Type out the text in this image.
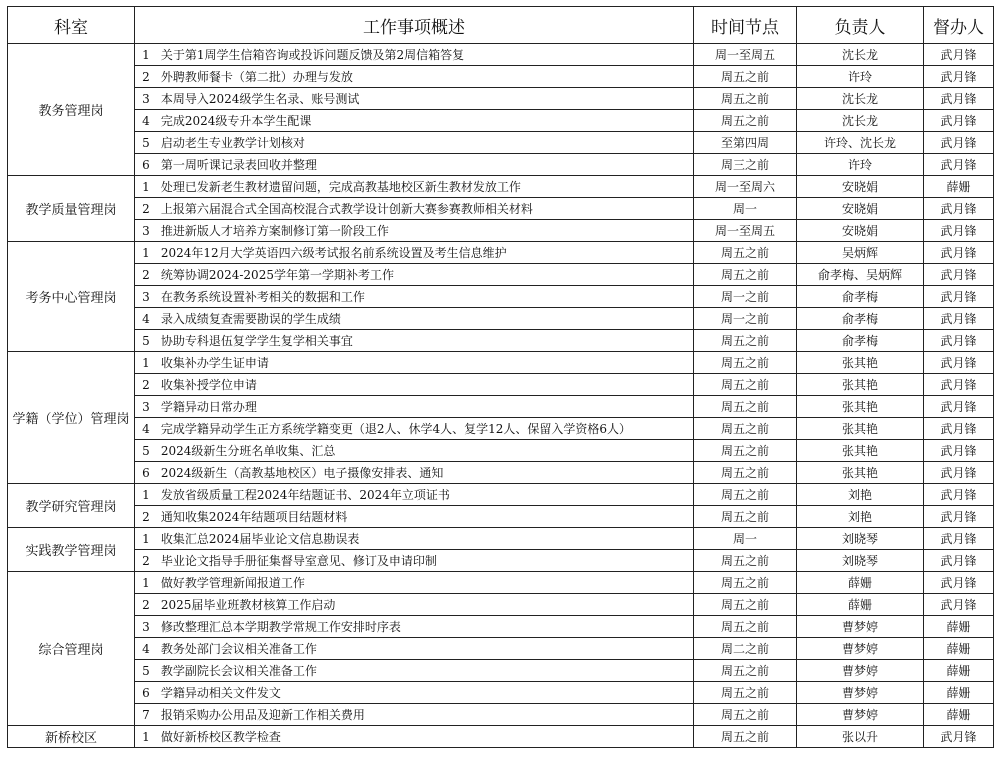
科室	工作事项概述	时间节点	负责人	督办人
教务管理岗	1 关于第1周学生信箱咨询或投诉问题反馈及第2周信箱答复	周一至周五	沈长龙	武月锋
	2 外聘教师餐卡（第二批）办理与发放	周五之前	许玲	武月锋
	3 本周导入2024级学生名录、账号测试	周五之前	沈长龙	武月锋
	4 完成2024级专升本学生配课	周五之前	沈长龙	武月锋
	5 启动老生专业教学计划核对	至第四周	许玲、沈长龙	武月锋
	6 第一周听课记录表回收并整理	周三之前	许玲	武月锋
教学质量管理岗	1 处理已发新老生教材遗留问题，完成高教基地校区新生教材发放工作	周一至周六	安晓娟	薛姗
	2 上报第六届混合式全国高校混合式教学设计创新大赛参赛教师相关材料	周一	安晓娟	武月锋
	3 推进新版人才培养方案制修订第一阶段工作	周一至周五	安晓娟	武月锋
考务中心管理岗	1 2024年12月大学英语四六级考试报名前系统设置及考生信息维护	周五之前	吴炳辉	武月锋
	2 统筹协调2024-2025学年第一学期补考工作	周五之前	俞孝梅、吴炳辉	武月锋
	3 在教务系统设置补考相关的数据和工作	周一之前	俞孝梅	武月锋
	4 录入成绩复查需要勘误的学生成绩	周一之前	俞孝梅	武月锋
	5 协助专科退伍复学学生复学相关事宜	周五之前	俞孝梅	武月锋
学籍（学位）管理岗	1 收集补办学生证申请	周五之前	张其艳	武月锋
	2 收集补授学位申请	周五之前	张其艳	武月锋
	3 学籍异动日常办理	周五之前	张其艳	武月锋
	4 完成学籍异动学生正方系统学籍变更（退2人、休学4人、复学12人、保留入学资格6人）	周五之前	张其艳	武月锋
	5 2024级新生分班名单收集、汇总	周五之前	张其艳	武月锋
	6 2024级新生（高教基地校区）电子摄像安排表、通知	周五之前	张其艳	武月锋
教学研究管理岗	1 发放省级质量工程2024年结题证书、2024年立项证书	周五之前	刘艳	武月锋
	2 通知收集2024年结题项目结题材料	周五之前	刘艳	武月锋
实践教学管理岗	1 收集汇总2024届毕业论文信息勘误表	周一	刘晓琴	武月锋
	2 毕业论文指导手册征集督导室意见、修订及申请印制	周五之前	刘晓琴	武月锋
综合管理岗	1 做好教学管理新闻报道工作	周五之前	薛姗	武月锋
	2 2025届毕业班教材核算工作启动	周五之前	薛姗	武月锋
	3 修改整理汇总本学期教学常规工作安排时序表	周五之前	曹梦婷	薛姗
	4 教务处部门会议相关准备工作	周二之前	曹梦婷	薛姗
	5 教学副院长会议相关准备工作	周五之前	曹梦婷	薛姗
	6 学籍异动相关文件发文	周五之前	曹梦婷	薛姗
	7 报销采购办公用品及迎新工作相关费用	周五之前	曹梦婷	薛姗
新桥校区	1 做好新桥校区教学检查	周五之前	张以升	武月锋
